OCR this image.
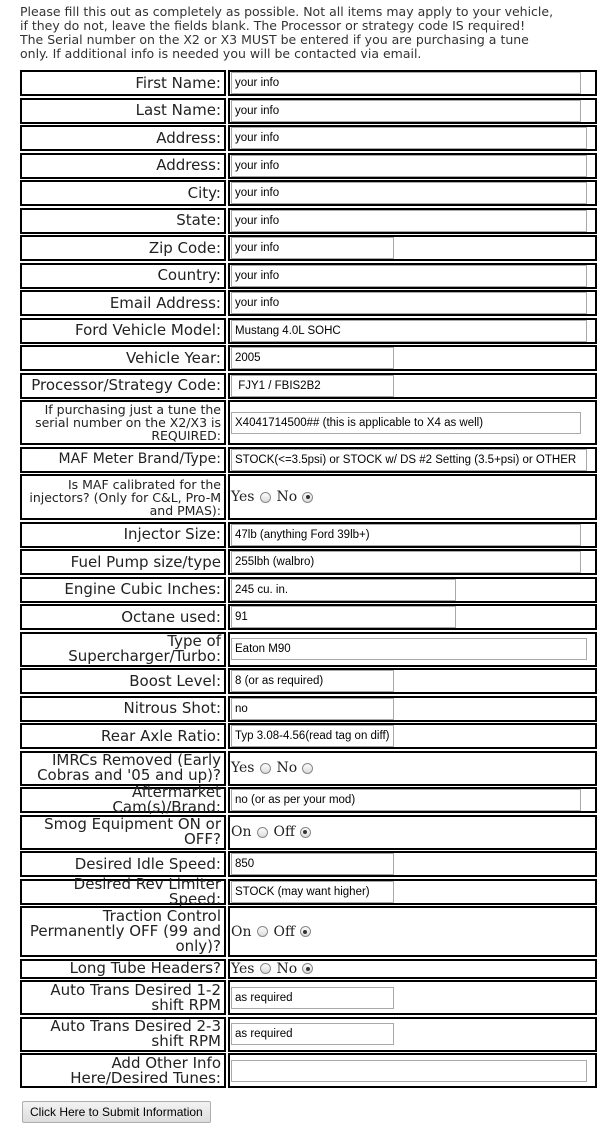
Please fill this out as completely as possible. Not all items may apply to your vehicle,
if they do not, leave the fields blank. The Processor or strategy code IS required!
The Serial number on the X2 or X3 MUST be entered if you are purchasing a tune
only. If additional info is needed you will be contacted via email.
First Name:	your info
Last Name:	your info
Address:	your info
Address:	your info
City:	your info
State:	your info
Zip Code:	your info
Country:	your info
Email Address:	your info
Ford Vehicle Model:	Mustang 4.0L SOHC
Vehicle Year:	2005
Processor/Strategy Code:	FJY1 / FBIS2B2
If purchasing just a tune the
serial number on the X2/X3 is
REQUIRED:
X4041714500## (this is applicable to X4 as well)
MAF Meter Brand/Type:	STOCK(<=3.5psi) or STOCK w/ DS #2 Setting (3.5+psi) or OTHER
Is MAF calibrated for the
injectors? (Only for C&L, Pro-M
and PMAS):
Yes No
Injector Size:	47lb (anything Ford 39lb+)
Fuel Pump size/type	255lbh (walbro)
Engine Cubic Inches:	245 cu. in.
Octane used:	91
Type of
Supercharger/Turbo:	Eaton M90
Boost Level:	8 (or as required)
Nitrous Shot:	no
Rear Axle Ratio:	Typ 3.08-4.56(read tag on diff)
IMRCs Removed (Early
Cobras and '05 and up)? Yes No
Aftermarket Cam(s)/Brand:	no (or as per your mod)
Smog Equipment ON or
OFF? On Off
Desired Idle Speed:	850
Desired Rev Limiter Speed:	STOCK (may want higher)
Traction Control
Permanently OFF (99 and
only)?
On Off
Long Tube Headers? Yes No
Auto Trans Desired 1-2
shift RPM	as required
Auto Trans Desired 2-3
shift RPM	as required
Add Other Info
Here/Desired Tunes:
Click Here to Submit Information
